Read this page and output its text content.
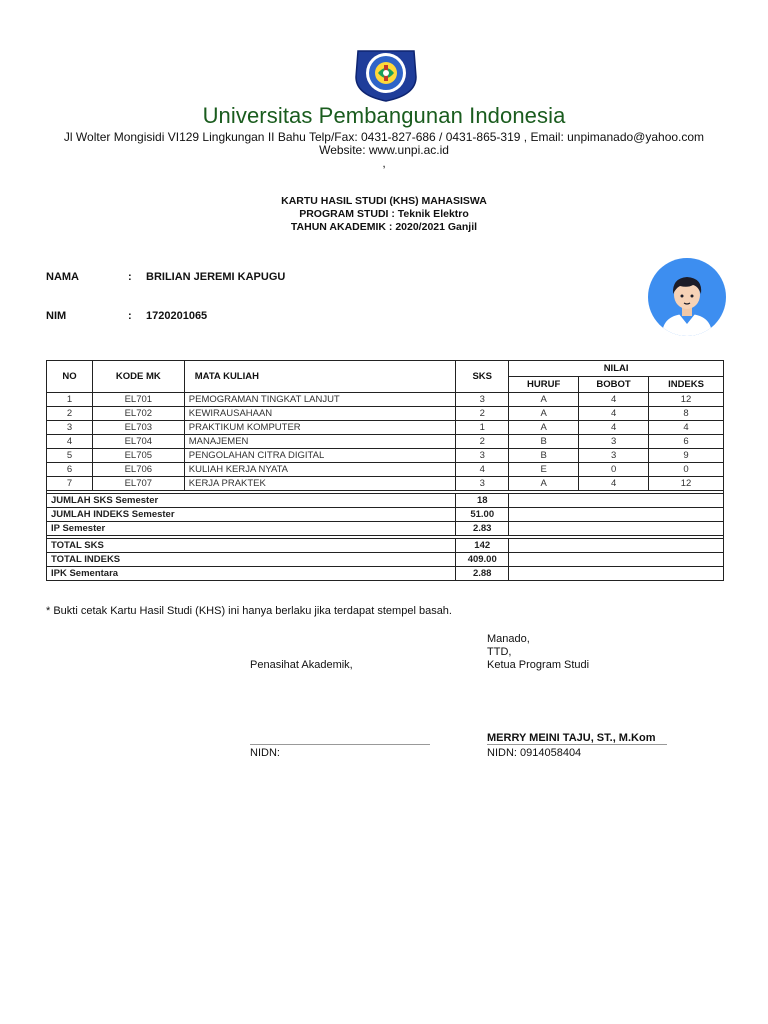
Universitas Pembangunan Indonesia
Jl Wolter Mongisidi VI129 Lingkungan II Bahu Telp/Fax: 0431-827-686 / 0431-865-319 , Email: unpimanado@yahoo.com
Website: www.unpi.ac.id
,
KARTU HASIL STUDI (KHS) MAHASISWA
PROGRAM STUDI : Teknik Elektro
TAHUN AKADEMIK : 2020/2021 Ganjil
NAMA	: BRILIAN JEREMI KAPUGU
NIM	: 1720201065
NO	KODE MK	MATA KULIAH	SKS	NILAI		
				HURUF	BOBOT	INDEKS
1	EL701	PEMOGRAMAN TINGKAT LANJUT	3	A	4	12
2	EL702	KEWIRAUSAHAAN	2	A	4	8
3	EL703	PRAKTIKUM KOMPUTER	1	A	4	4
4	EL704	MANAJEMEN	2	B	3	6
5	EL705	PENGOLAHAN CITRA DIGITAL	3	B	3	9
6	EL706	KULIAH KERJA NYATA	4	E	0	0
7	EL707	KERJA PRAKTEK	3	A	4	12

JUMLAH SKS Semester			18			
JUMLAH INDEKS Semester			51.00			
IP Semester			2.83			

TOTAL SKS			142			
TOTAL INDEKS			409.00			
IPK Sementara			2.88			
* Bukti cetak Kartu Hasil Studi (KHS) ini hanya berlaku jika terdapat stempel basah.
Manado,
TTD,
Ketua Program Studi
Penasihat Akademik,
MERRY MEINI TAJU, ST., M.Kom
NIDN:	NIDN: 0914058404
